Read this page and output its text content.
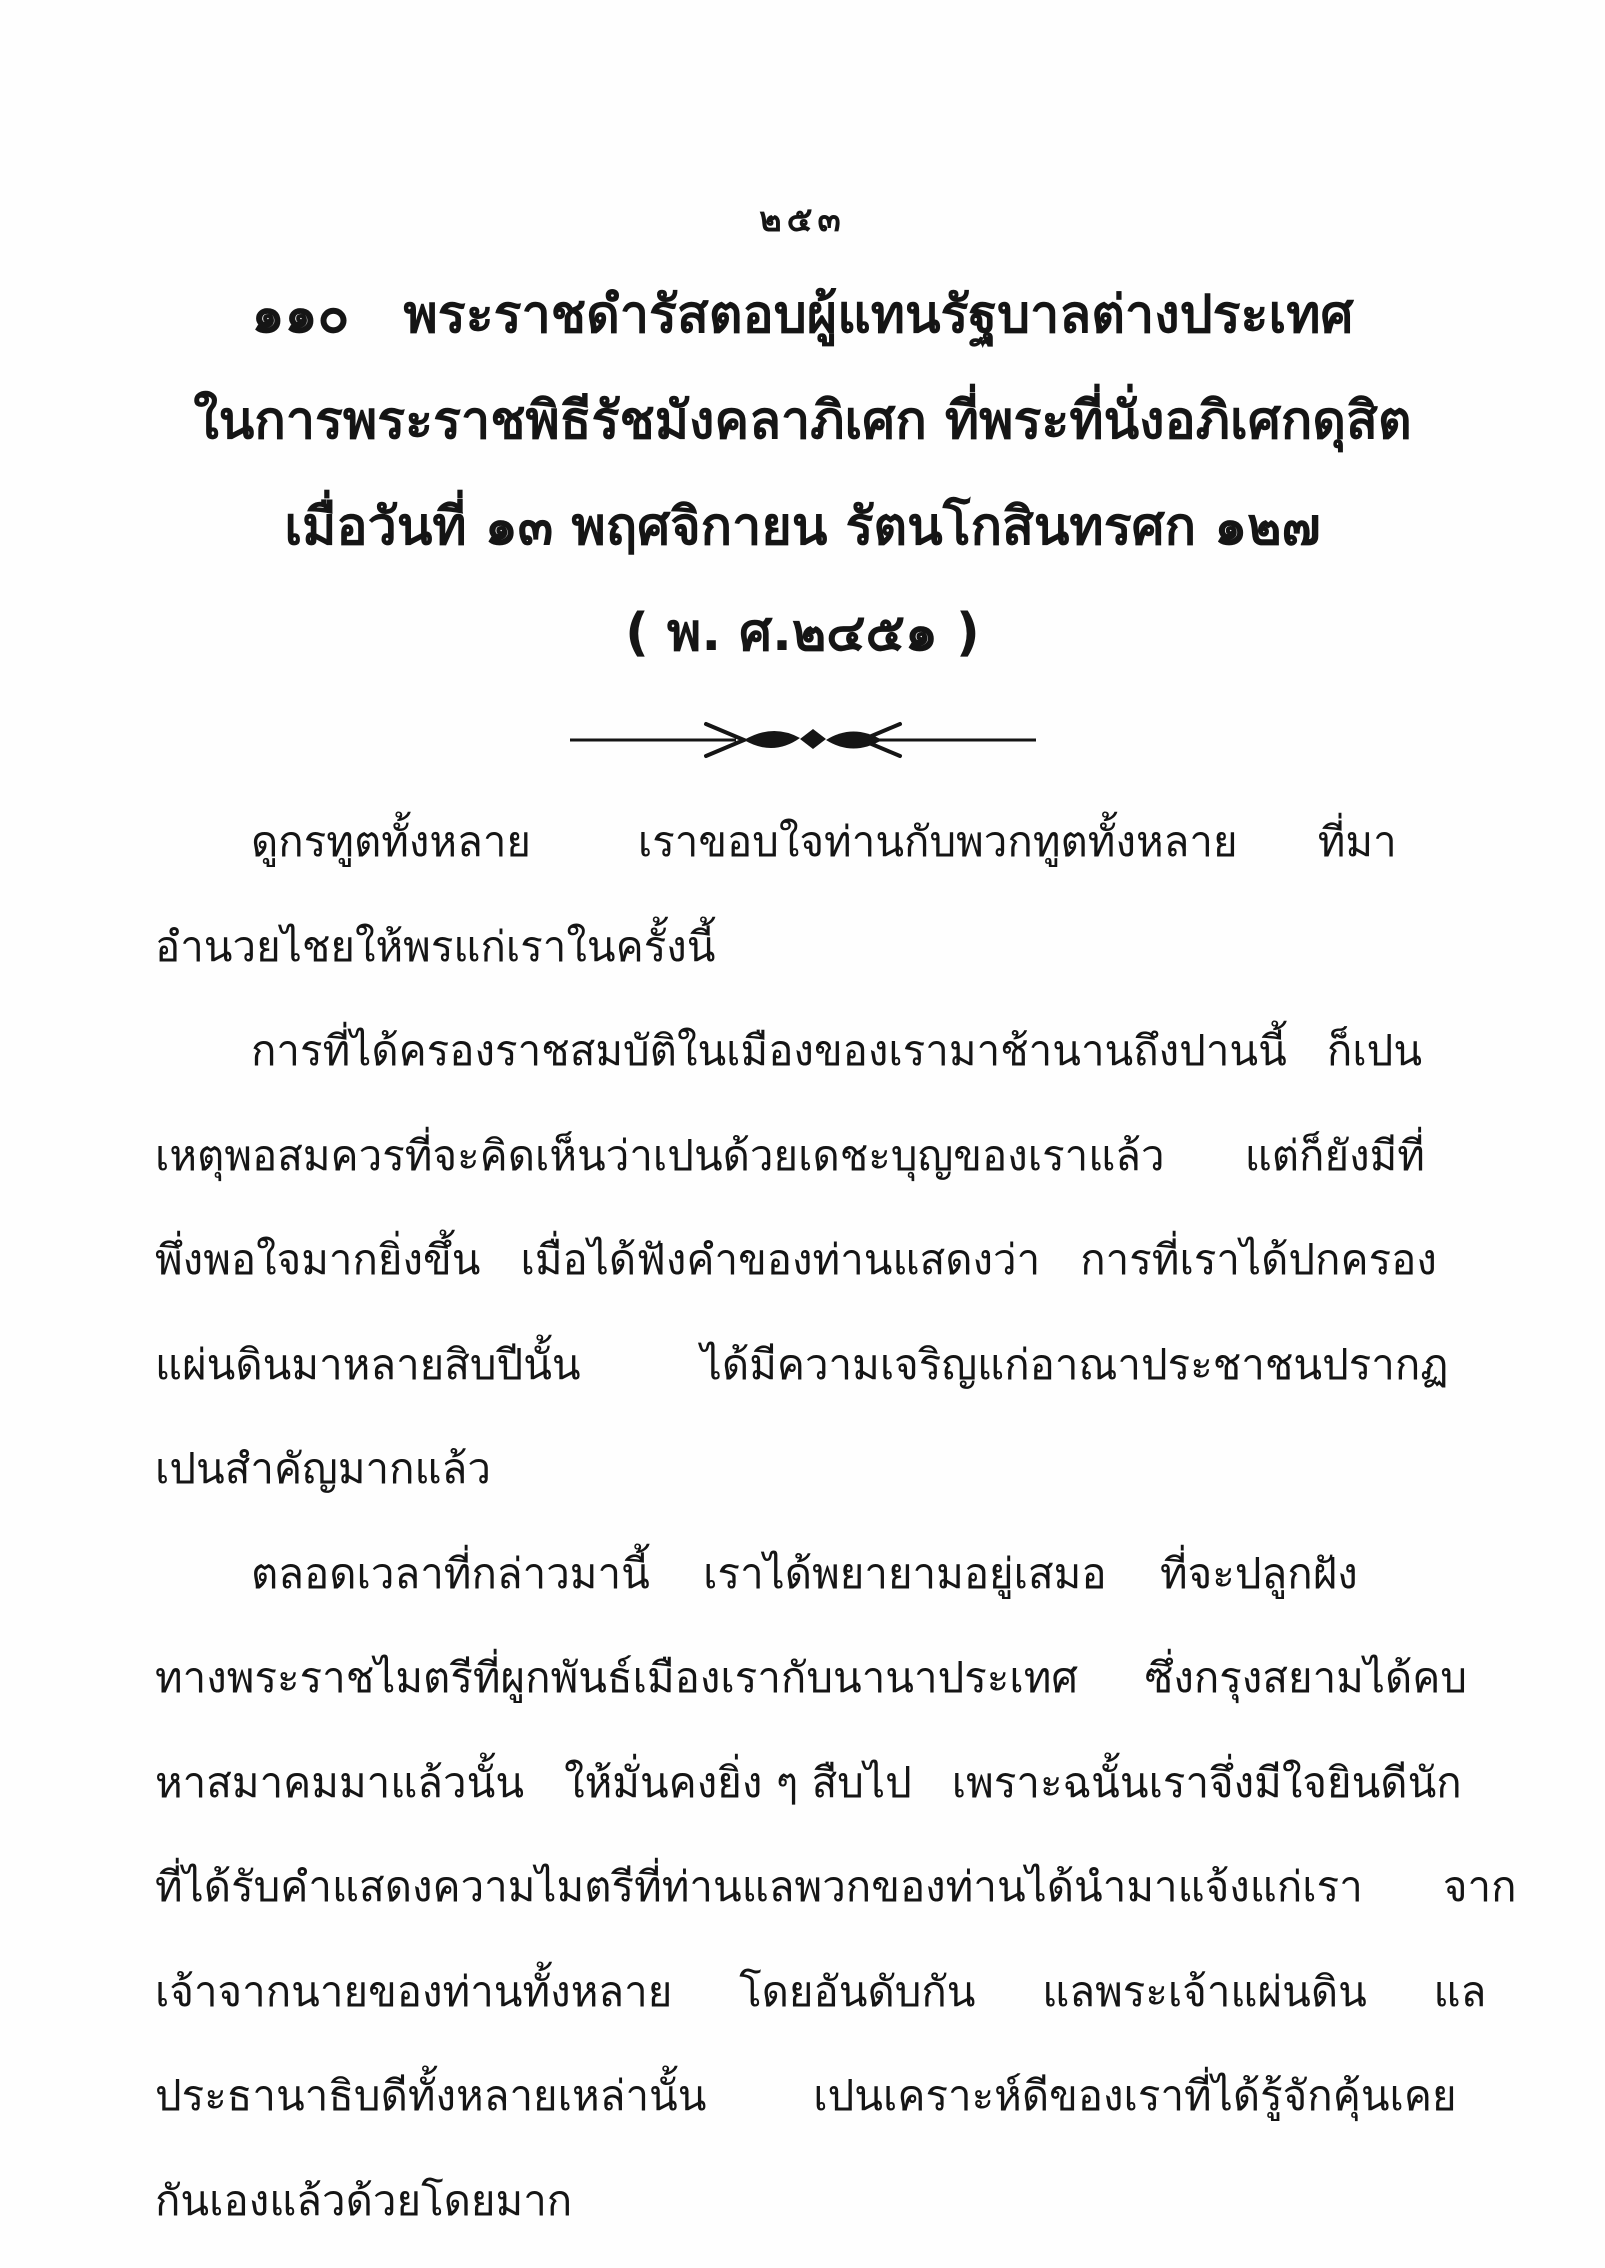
๒๕๓
๑๑๐   พระราชดำรัสตอบผู้แทนรัฐบาลต่างประเทศ
ในการพระราชพิธีรัชมังคลาภิเศก ที่พระที่นั่งอภิเศกดุสิต
เมื่อวันที่ ๑๓ พฤศจิกายน รัตนโกสินทรศก ๑๒๗
( พ. ศ.๒๔๕๑ )
ดูกรทูตทั้งหลาย        เราขอบใจท่านกับพวกทูตทั้งหลาย      ที่มา
อำนวยไชยให้พรแก่เราในครั้งนี้
การที่ได้ครองราชสมบัติในเมืองของเรามาช้านานถึงปานนี้   ก็เปน
เหตุพอสมควรที่จะคิดเห็นว่าเปนด้วยเดชะบุญของเราแล้ว      แต่ก็ยังมีที่
พึ่งพอใจมากยิ่งขึ้น   เมื่อได้ฟังคำของท่านแสดงว่า   การที่เราได้ปกครอง
แผ่นดินมาหลายสิบปีนั้น         ได้มีความเจริญแก่อาณาประชาชนปรากฏ
เปนสำคัญมากแล้ว
ตลอดเวลาที่กล่าวมานี้    เราได้พยายามอยู่เสมอ    ที่จะปลูกฝัง
ทางพระราชไมตรีที่ผูกพันธ์เมืองเรากับนานาประเทศ     ซึ่งกรุงสยามได้คบ
หาสมาคมมาแล้วนั้น   ให้มั่นคงยิ่ง ๆ สืบไป   เพราะฉนั้นเราจึ่งมีใจยินดีนัก
ที่ได้รับคำแสดงความไมตรีที่ท่านแลพวกของท่านได้นำมาแจ้งแก่เรา      จาก
เจ้าจากนายของท่านทั้งหลาย     โดยอันดับกัน     แลพระเจ้าแผ่นดิน     แล
ประธานาธิบดีทั้งหลายเหล่านั้น        เปนเคราะห์ดีของเราที่ได้รู้จักคุ้นเคย
กันเองแล้วด้วยโดยมาก
